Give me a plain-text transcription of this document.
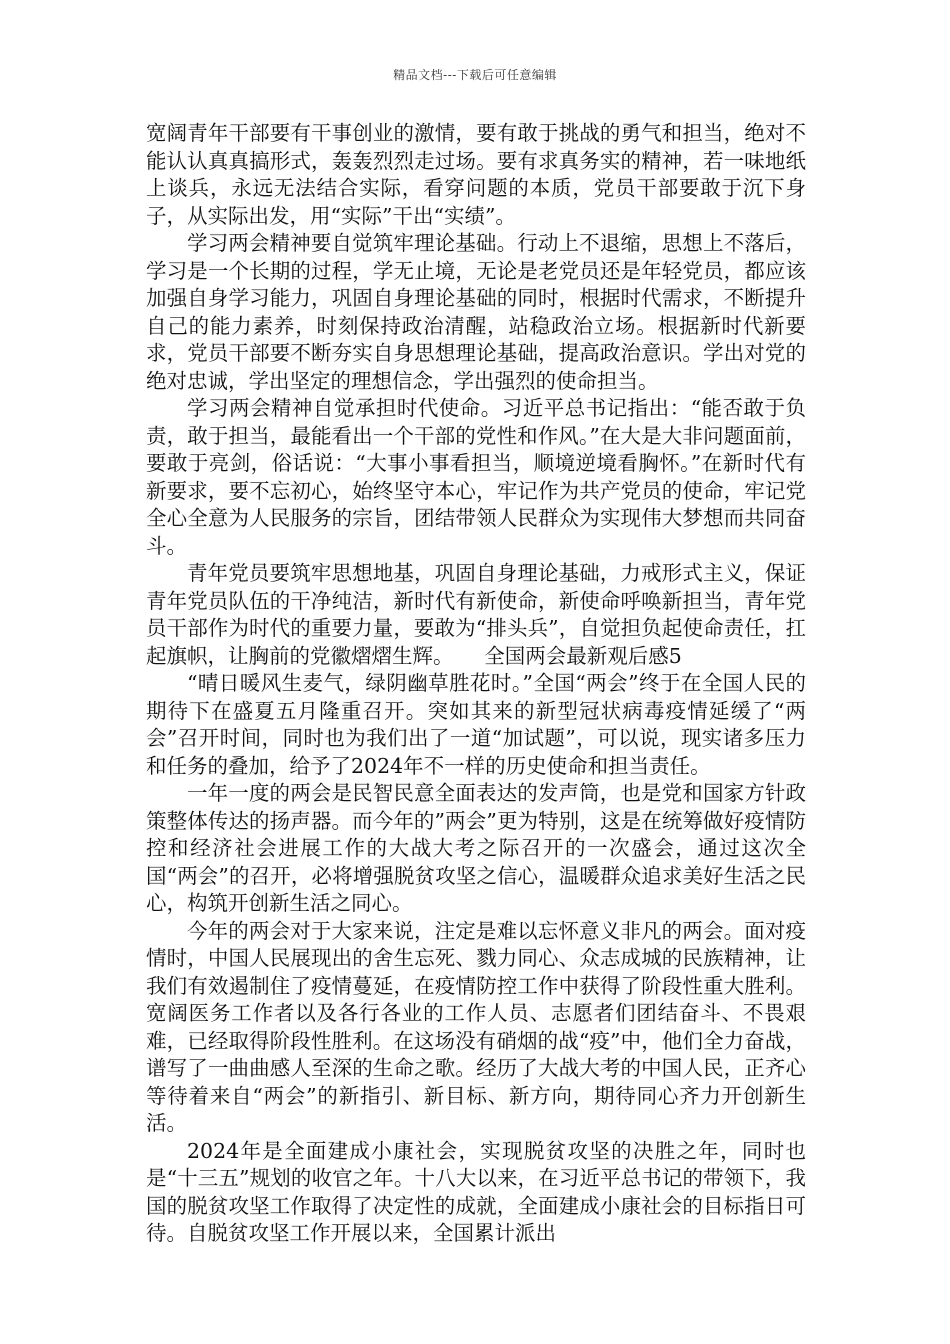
精品文档---下载后可任意编辑

宽阔青年干部要有干事创业的激情，要有敢于挑战的勇气和担当，绝对不能认认真真搞形式，轰轰烈烈走过场。要有求真务实的精神，若一味地纸上谈兵，永远无法结合实际，看穿问题的本质，党员干部要敢于沉下身子，从实际出发，用“实际”干出“实绩”。

学习两会精神要自觉筑牢理论基础。行动上不退缩，思想上不落后，学习是一个长期的过程，学无止境，无论是老党员还是年轻党员，都应该加强自身学习能力，巩固自身理论基础的同时，根据时代需求，不断提升自己的能力素养，时刻保持政治清醒，站稳政治立场。根据新时代新要求，党员干部要不断夯实自身思想理论基础，提高政治意识。学出对党的绝对忠诚，学出坚定的理想信念，学出强烈的使命担当。

学习两会精神自觉承担时代使命。习近平总书记指出：“能否敢于负责，敢于担当，最能看出一个干部的党性和作风。”在大是大非问题面前，要敢于亮剑，俗话说：“大事小事看担当，顺境逆境看胸怀。”在新时代有新要求，要不忘初心，始终坚守本心，牢记作为共产党员的使命，牢记党全心全意为人民服务的宗旨，团结带领人民群众为实现伟大梦想而共同奋斗。

青年党员要筑牢思想地基，巩固自身理论基础，力戒形式主义，保证青年党员队伍的干净纯洁，新时代有新使命，新使命呼唤新担当，青年党员干部作为时代的重要力量，要敢为“排头兵”，自觉担负起使命责任，扛起旗帜，让胸前的党徽熠熠生辉。　　全国两会最新观后感5

“晴日暖风生麦气，绿阴幽草胜花时。”全国“两会”终于在全国人民的期待下在盛夏五月隆重召开。突如其来的新型冠状病毒疫情延缓了“两会”召开时间，同时也为我们出了一道“加试题”，可以说，现实诸多压力和任务的叠加，给予了2024年不一样的历史使命和担当责任。

一年一度的两会是民智民意全面表达的发声筒，也是党和国家方针政策整体传达的扬声器。而今年的”两会”更为特别，这是在统筹做好疫情防控和经济社会进展工作的大战大考之际召开的一次盛会，通过这次全国“两会”的召开，必将增强脱贫攻坚之信心，温暖群众追求美好生活之民心，构筑开创新生活之同心。

今年的两会对于大家来说，注定是难以忘怀意义非凡的两会。面对疫情时，中国人民展现出的舍生忘死、戮力同心、众志成城的民族精神，让我们有效遏制住了疫情蔓延，在疫情防控工作中获得了阶段性重大胜利。宽阔医务工作者以及各行各业的工作人员、志愿者们团结奋斗、不畏艰难，已经取得阶段性胜利。在这场没有硝烟的战“疫”中，他们全力奋战，谱写了一曲曲感人至深的生命之歌。经历了大战大考的中国人民，正齐心等待着来自“两会”的新指引、新目标、新方向，期待同心齐力开创新生活。

2024年是全面建成小康社会，实现脱贫攻坚的决胜之年，同时也是“十三五”规划的收官之年。十八大以来，在习近平总书记的带领下，我国的脱贫攻坚工作取得了决定性的成就，全面建成小康社会的目标指日可待。自脱贫攻坚工作开展以来，全国累计派出
